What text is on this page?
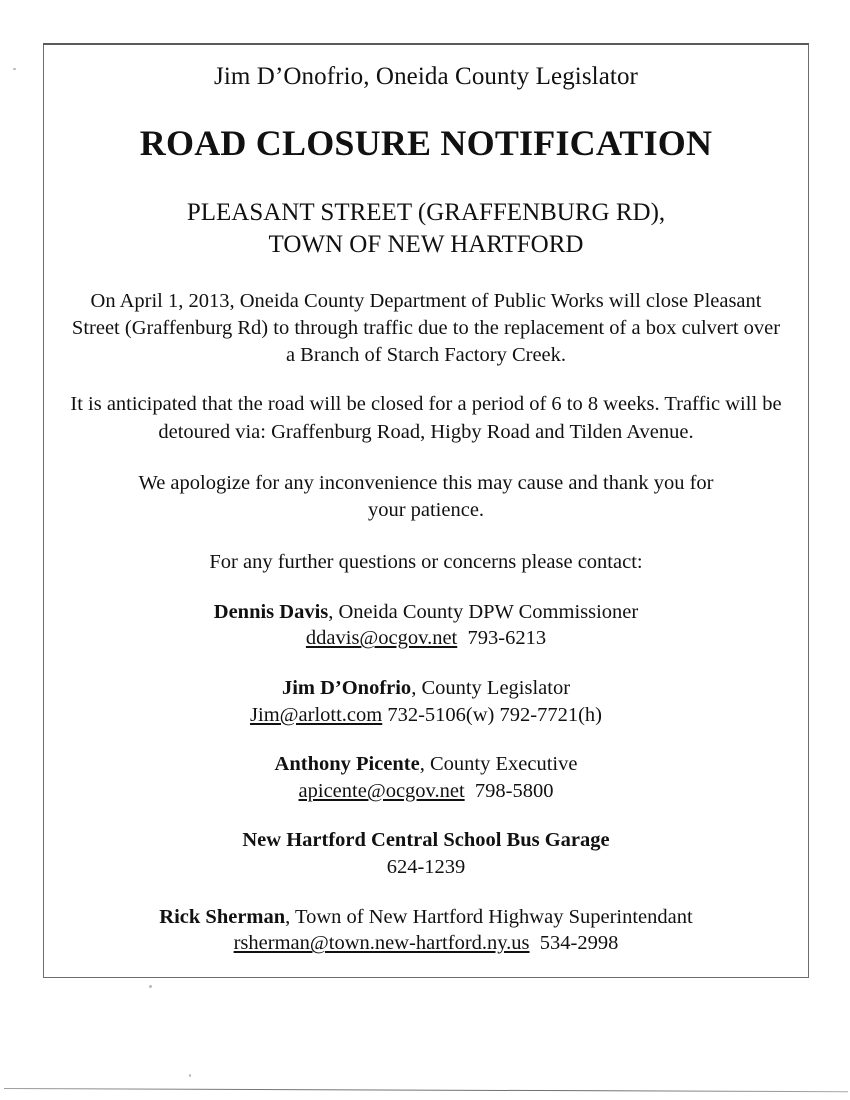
Jim D’Onofrio, Oneida County Legislator
ROAD CLOSURE NOTIFICATION
PLEASANT STREET (GRAFFENBURG RD),
TOWN OF NEW HARTFORD

On April 1, 2013, Oneida County Department of Public Works will close Pleasant Street (Graffenburg Rd) to through traffic due to the replacement of a box culvert over a Branch of Starch Factory Creek.

It is anticipated that the road will be closed for a period of 6 to 8 weeks. Traffic will be detoured via: Graffenburg Road, Higby Road and Tilden Avenue.

We apologize for any inconvenience this may cause and thank you for your patience.

For any further questions or concerns please contact:

Dennis Davis, Oneida County DPW Commissioner
ddavis@ocgov.net 793-6213
Jim D’Onofrio, County Legislator
Jim@arlott.com 732-5106(w) 792-7721(h)
Anthony Picente, County Executive
apicente@ocgov.net 798-5800
New Hartford Central School Bus Garage
624-1239
Rick Sherman, Town of New Hartford Highway Superintendant
rsherman@town.new-hartford.ny.us 534-2998
